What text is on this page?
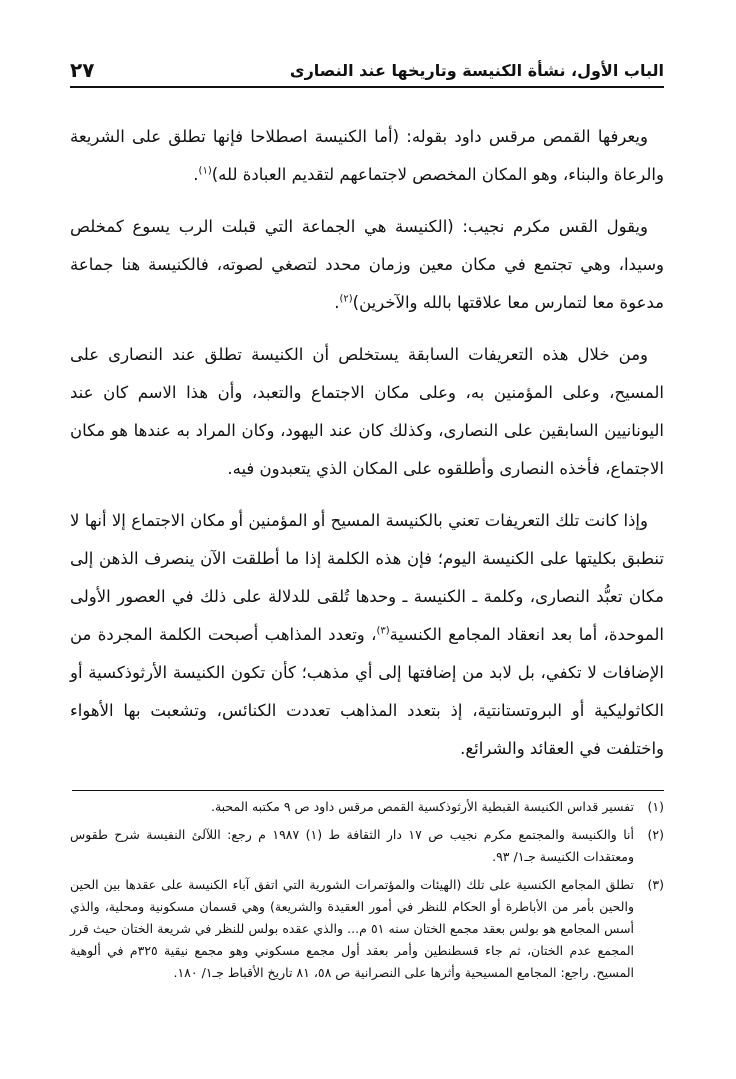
الباب الأول، نشأة الكنيسة وتاريخها عند النصارى
٢٧

ويعرفها القمص مرقس داود بقوله: (أما الكنيسة اصطلاحا فإنها تطلق على الشريعة والرعاة والبناء، وهو المكان المخصص لاجتماعهم لتقديم العبادة لله)$^{(١)}$.

ويقول القس مكرم نجيب: (الكنيسة هي الجماعة التي قبلت الرب يسوع كمخلص وسيدا، وهي تجتمع في مكان معين وزمان محدد لتصغي لصوته، فالكنيسة هنا جماعة مدعوة معا لتمارس معا علاقتها بالله والآخرين)$^{(٢)}$.

ومن خلال هذه التعريفات السابقة يستخلص أن الكنيسة تطلق عند النصارى على المسيح، وعلى المؤمنين به، وعلى مكان الاجتماع والتعبد، وأن هذا الاسم كان عند اليونانيين السابقين على النصارى، وكذلك كان عند اليهود، وكان المراد به عندها هو مكان الاجتماع، فأخذه النصارى وأطلقوه على المكان الذي يتعبدون فيه.

وإذا كانت تلك التعريفات تعني بالكنيسة المسيح أو المؤمنين أو مكان الاجتماع إلا أنها لا تنطبق بكليتها على الكنيسة اليوم؛ فإن هذه الكلمة إذا ما أطلقت الآن ينصرف الذهن إلى مكان تعبُّد النصارى، وكلمة ـ الكنيسة ـ وحدها تُلقى للدلالة على ذلك في العصور الأولى الموحدة، أما بعد انعقاد المجامع الكنسية$^{(٣)}$، وتعدد المذاهب أصبحت الكلمة المجردة من الإضافات لا تكفي، بل لابد من إضافتها إلى أي مذهب؛ كأن تكون الكنيسة الأرثوذكسية أو الكاثوليكية أو البروتستانتية، إذ بتعدد المذاهب تعددت الكنائس، وتشعبت بها الأهواء واختلفت في العقائد والشرائع.

(١)
تفسير قداس الكنيسة القبطية الأرثوذكسية القمص مرقس داود ص ٩ مكتبه المحبة.
(٢)
أنا والكنيسة والمجتمع مكرم نجيب ص ١٧ دار الثقافة ط (١) ١٩٨٧ م رجع: اللآلئ النفيسة شرح طقوس ومعتقدات الكنيسة جـ١/ ٩٣.
(٣)
تطلق المجامع الكنسية على تلك (الهيئات والمؤتمرات الشورية التي اتفق آباء الكنيسة على عقدها بين الحين والحين بأمر من الأباطرة أو الحكام للنظر في أمور العقيدة والشريعة) وهي قسمان مسكونية ومحلية، والذي أسس المجامع هو بولس بعقد مجمع الختان سنه ٥١ م... والذي عقده بولس للنظر في شريعة الختان حيث قرر المجمع عدم الختان، ثم جاء قسطنطين وأمر بعقد أول مجمع مسكوني وهو مجمع نيقية ٣٢٥م في ألوهية المسيح. راجع: المجامع المسيحية وأثرها على النصرانية ص ٥٨، ٨١ تاريخ الأقباط جـ١/ ١٨٠.
